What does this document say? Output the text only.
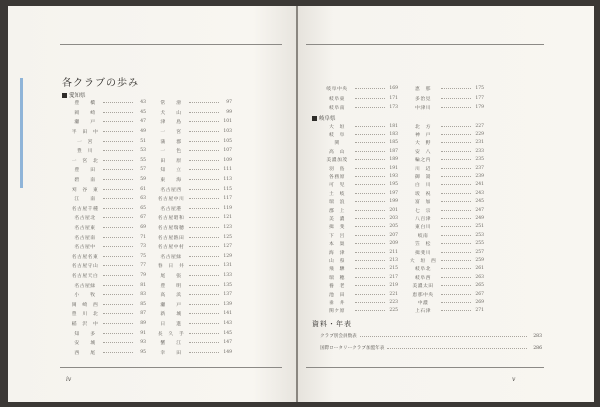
各クラブの歩み
愛知県
豊　　橋	43
岡　　崎	45
瀬　　戸	47
半　田　中	49
一　宮	51
豊　川	53
一　宮　北	55
豊　　田	57
碧　　南	59
刈　谷　東	61
江　　南	63
名古屋千種	65
名古屋北	67
名古屋東	69
名古屋南	71
名古屋中	73
名古屋名東	75
名古屋守山	77
名古屋天白	79
名古屋緑	81
小　　牧	83
岡　崎　西	85
豊　川　北	87
稲　沢　中	89
知　　多	91
安　　城	93
西　　尾	95
常　　滑	97
犬　　山	99
津　　島	101
一　　宮	103
蒲　　郡	105
一　　色	107
田　　原	109
知　　立	111
東　　海	113
名古屋西	115
名古屋中川	117
名古屋港	119
名古屋昭和	121
名古屋瑞穂	123
名古屋熱田	125
名古屋中村	127
名古屋緑	129
春　日　井	131
尾　　張	133
豊　　明	135
高　　浜	137
瀬　　戸	139
新　　城	141
日　　進	143
長　久　手	145
蟹　　江	147
幸　　田	149
iv
岐阜中央	169
岐阜東	171
岐阜南	173
恵　那	175
多治見	177
中津川	179
岐阜県
大　垣	181
岐　阜	183
関	185
高　山	187
美濃加茂	189
羽　島	191
各務原	193
可　児	195
土　岐	197
瑞　浪	199
郡　上	201
美　濃	203
揖　斐	205
下　呂	207
本　巣	209
海　津	211
山　県	213
飛　騨	215
瑞　穂	217
養　老	219
池　田	221
垂　井	223
関ケ原	225
北　方	227
神　戸	229
大　野	231
安　八	233
輪之内	235
川　辺	237
御　嵩	239
白　川	241
坂　祝	243
富　加	245
七　宗	247
八百津	249
東白川	251
岐南	253
笠　松	255
揖斐川	257
大　垣　西	259
岐阜北	261
岐阜西	263
美濃太田	265
恵那中央	267
中濃	269
上石津	271
資料・年表
クラブ別会員数表	283
国際ロータリークラブ加盟年表	286
v
